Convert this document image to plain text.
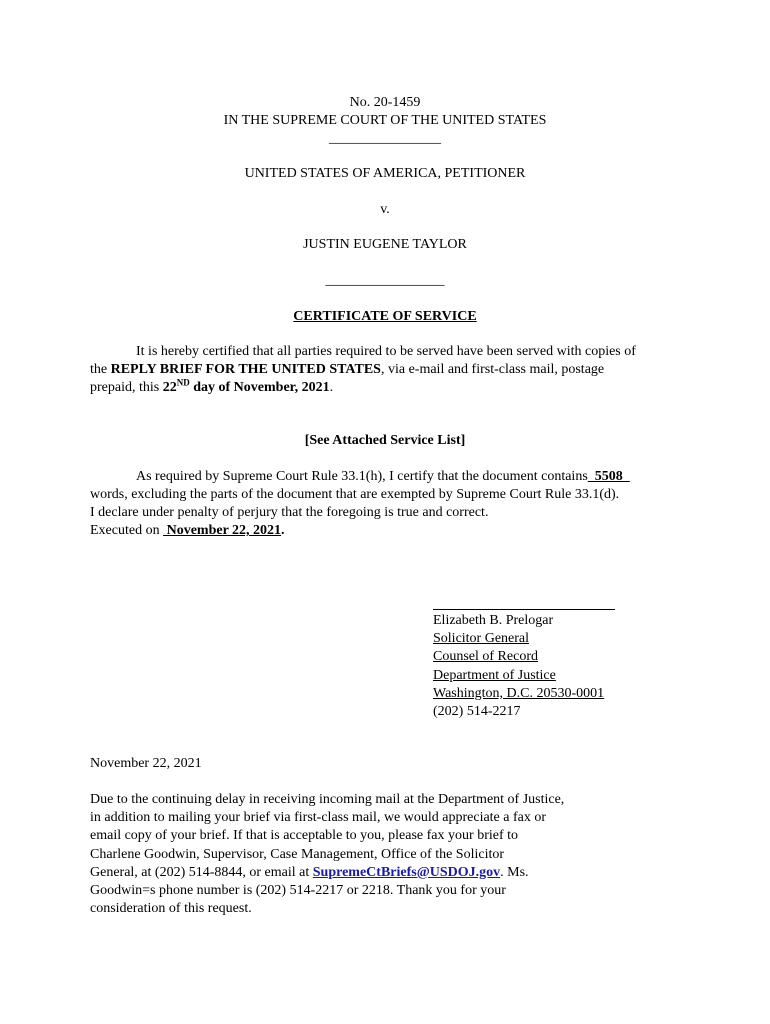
No. 20-1459
IN THE SUPREME COURT OF THE UNITED STATES
________________
UNITED STATES OF AMERICA, PETITIONER
v.
JUSTIN EUGENE TAYLOR
_________________
CERTIFICATE OF SERVICE
It is hereby certified that all parties required to be served have been served with copies of
the REPLY BRIEF FOR THE UNITED STATES, via e-mail and first-class mail, postage
prepaid, this 22ND day of November, 2021.
[See Attached Service List]
As required by Supreme Court Rule 33.1(h), I certify that the document contains  5508
words, excluding the parts of the document that are exempted by Supreme Court Rule 33.1(d).
I declare under penalty of perjury that the foregoing is true and correct.
Executed on  November 22, 2021.
Elizabeth B. Prelogar
Solicitor General
Counsel of Record
Department of Justice
Washington, D.C. 20530-0001
(202) 514-2217
November 22, 2021
Due to the continuing delay in receiving incoming mail at the Department of Justice,
in addition to mailing your brief via first-class mail, we would appreciate a fax or
email copy of your brief. If that is acceptable to you, please fax your brief to
Charlene Goodwin, Supervisor, Case Management, Office of the Solicitor
General, at (202) 514-8844, or email at SupremeCtBriefs@USDOJ.gov. Ms.
Goodwin=s phone number is (202) 514-2217 or 2218. Thank you for your
consideration of this request.
